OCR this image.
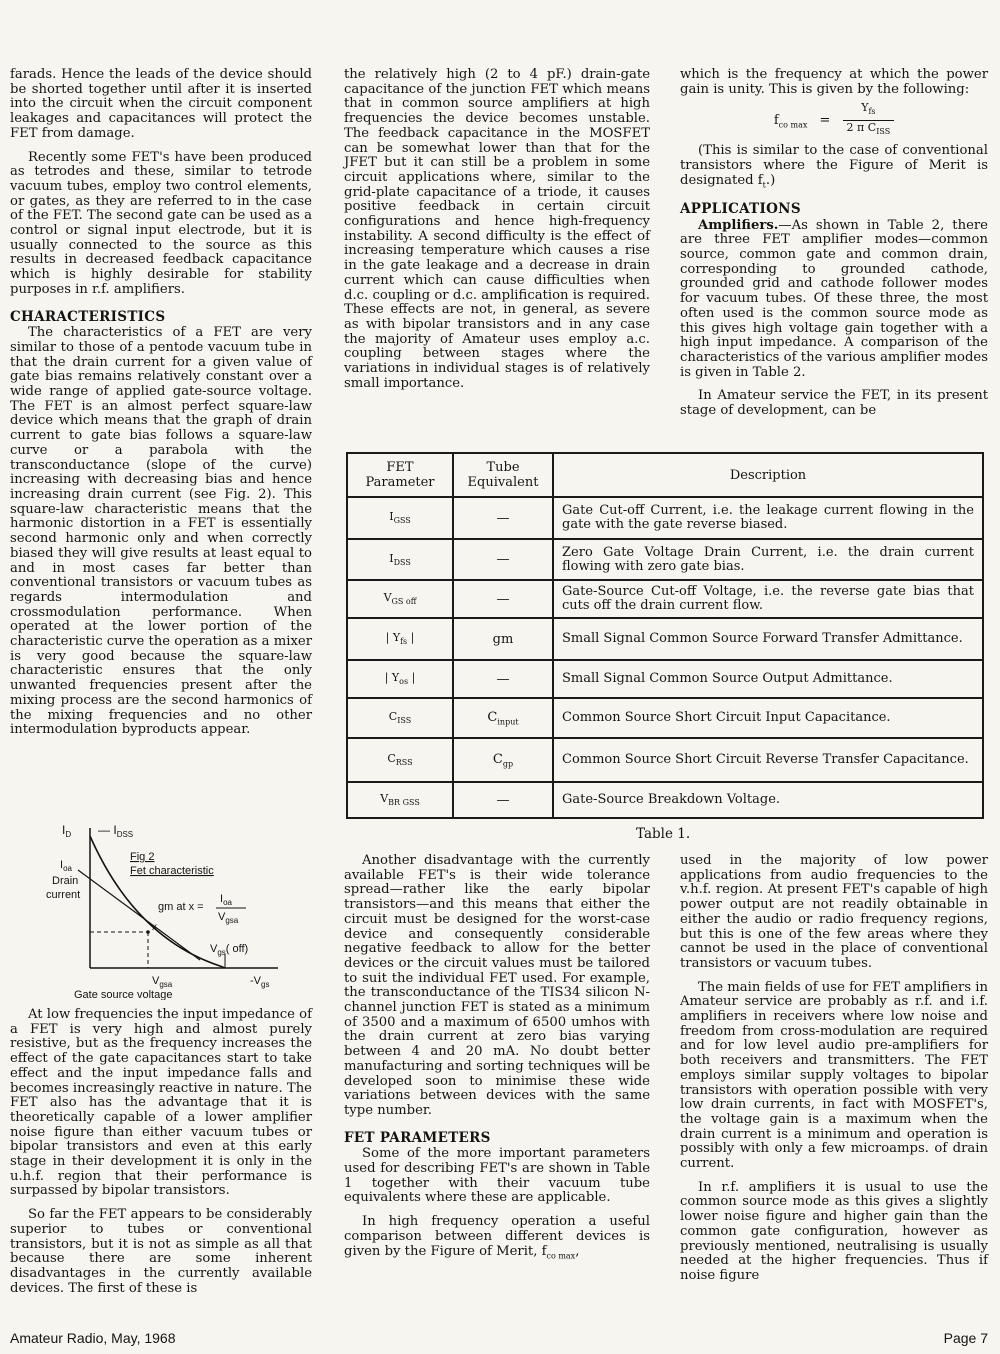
farads. Hence the leads of the device should be shorted together until after it is inserted into the circuit when the circuit component leakages and capacitances will protect the FET from damage.

Recently some FET's have been produced as tetrodes and these, similar to tetrode vacuum tubes, employ two control elements, or gates, as they are referred to in the case of the FET. The second gate can be used as a control or signal input electrode, but it is usually connected to the source as this results in decreased feedback capacitance which is highly desirable for stability purposes in r.f. amplifiers.

CHARACTERISTICS

The characteristics of a FET are very similar to those of a pentode vacuum tube in that the drain current for a given value of gate bias remains relatively constant over a wide range of applied gate-source voltage. The FET is an almost perfect square-law device which means that the graph of drain current to gate bias follows a square-law curve or a parabola with the transconductance (slope of the curve) increasing with decreasing bias and hence increasing drain current (see Fig. 2). This square-law characteristic means that the harmonic distortion in a FET is essentially second harmonic only and when correctly biased they will give results at least equal to and in most cases far better than conventional transistors or vacuum tubes as regards intermodulation and crossmodulation performance. When operated at the lower portion of the characteristic curve the operation as a mixer is very good because the square-law characteristic ensures that the only unwanted frequencies present after the mixing process are the second harmonics of the mixing frequencies and no other intermodulation byproducts appear.

$I_D$ — $I_{DSS}$
$I_{oa}$
Drain
current
Fig 2
Fet characteristic
gm at x =
$I_{oa}$
$V_{gsa}$
x
$V_{gs}$( off)
$V_{gsa}$	$-V_{gs}$
Gate source voltage

At low frequencies the input impedance of a FET is very high and almost purely resistive, but as the frequency increases the effect of the gate capacitances start to take effect and the input impedance falls and becomes increasingly reactive in nature. The FET also has the advantage that it is theoretically capable of a lower amplifier noise figure than either vacuum tubes or bipolar transistors and even at this early stage in their development it is only in the u.h.f. region that their performance is surpassed by bipolar transistors.

So far the FET appears to be considerably superior to tubes or conventional transistors, but it is not as simple as all that because there are some inherent disadvantages in the currently available devices. The first of these is

the relatively high (2 to 4 pF.) drain-gate capacitance of the junction FET which means that in common source amplifiers at high frequencies the device becomes unstable. The feedback capacitance in the MOSFET can be somewhat lower than that for the JFET but it can still be a problem in some circuit applications where, similar to the grid-plate capacitance of a triode, it causes positive feedback in certain circuit configurations and hence high-frequency instability. A second difficulty is the effect of increasing temperature which causes a rise in the gate leakage and a decrease in drain current which can cause difficulties when d.c. coupling or d.c. amplification is required. These effects are not, in general, as severe as with bipolar transistors and in any case the majority of Amateur uses employ a.c. coupling between stages where the variations in individual stages is of relatively small importance.

which is the frequency at which the power gain is unity. This is given by the following:

$f_{co max} = \frac{Y_{fs}}{2 \pi C_{ISS}}$

(This is similar to the case of conventional transistors where the Figure of Merit is designated $f_t$.)

APPLICATIONS

Amplifiers.—As shown in Table 2, there are three FET amplifier modes—common source, common gate and common drain, corresponding to grounded cathode, grounded grid and cathode follower modes for vacuum tubes. Of these three, the most often used is the common source mode as this gives high voltage gain together with a high input impedance. A comparison of the characteristics of the various amplifier modes is given in Table 2.

In Amateur service the FET, in its present stage of development, can be

FET Parameter	Tube Equivalent	Description
$I_{GSS}$	—	Gate Cut-off Current, i.e. the leakage current flowing in the gate with the gate reverse biased.
$I_{DSS}$	—	Zero Gate Voltage Drain Current, i.e. the drain current flowing with zero gate bias.
$V_{GS off}$	—	Gate-Source Cut-off Voltage, i.e. the reverse gate bias that cuts off the drain current flow.
| $Y_{fs}$ |	gm	Small Signal Common Source Forward Transfer Admittance.
| $Y_{os}$ |	—	Small Signal Common Source Output Admittance.
$C_{ISS}$	$C_{input}$	Common Source Short Circuit Input Capacitance.
$C_{RSS}$	$C_{gp}$	Common Source Short Circuit Reverse Transfer Capacitance.
$V_{BR GSS}$	—	Gate-Source Breakdown Voltage.
Table 1.

Another disadvantage with the currently available FET's is their wide tolerance spread—rather like the early bipolar transistors—and this means that either the circuit must be designed for the worst-case device and consequently considerable negative feedback to allow for the better devices or the circuit values must be tailored to suit the individual FET used. For example, the transconductance of the TIS34 silicon N-channel junction FET is stated as a minimum of 3500 and a maximum of 6500 umhos with the drain current at zero bias varying between 4 and 20 mA. No doubt better manufacturing and sorting techniques will be developed soon to minimise these wide variations between devices with the same type number.

FET PARAMETERS

Some of the more important parameters used for describing FET's are shown in Table 1 together with their vacuum tube equivalents where these are applicable.

In high frequency operation a useful comparison between different devices is given by the Figure of Merit, $f_{co max}$,

used in the majority of low power applications from audio frequencies to the v.h.f. region. At present FET's capable of high power output are not readily obtainable in either the audio or radio frequency regions, but this is one of the few areas where they cannot be used in the place of conventional transistors or vacuum tubes.

The main fields of use for FET amplifiers in Amateur service are probably as r.f. and i.f. amplifiers in receivers where low noise and freedom from cross-modulation are required and for low level audio pre-amplifiers for both receivers and transmitters. The FET employs similar supply voltages to bipolar transistors with operation possible with very low drain currents, in fact with MOSFET's, the voltage gain is a maximum when the drain current is a minimum and operation is possibly with only a few microamps. of drain current.

In r.f. amplifiers it is usual to use the common source mode as this gives a slightly lower noise figure and higher gain than the common gate configuration, however as previously mentioned, neutralising is usually needed at the higher frequencies. Thus if noise figure

Amateur Radio, May, 1968	Page 7
